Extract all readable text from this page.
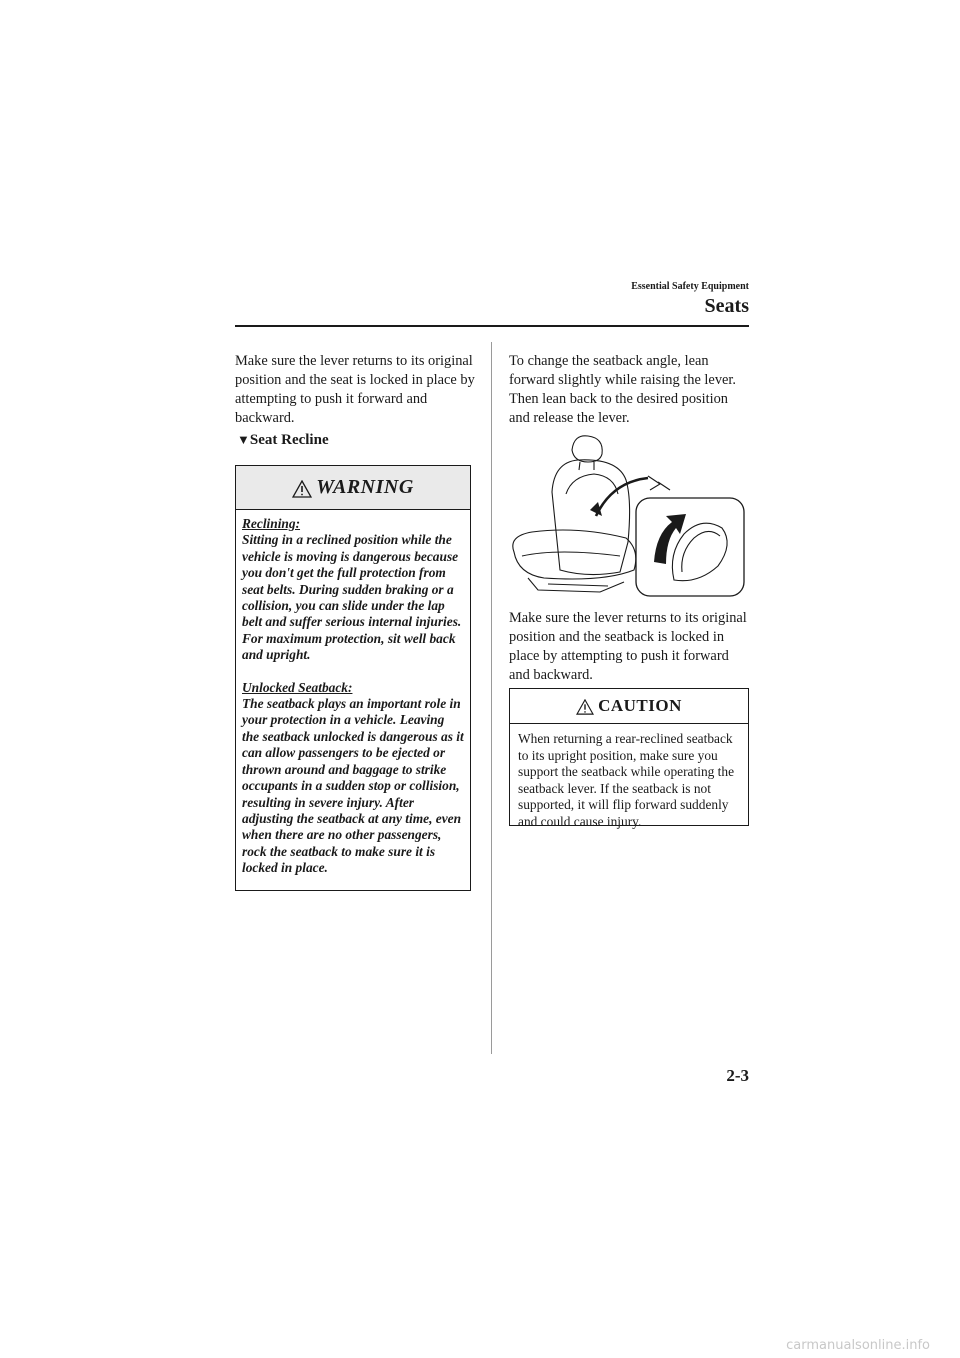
Essential Safety Equipment
Seats

Make sure the lever returns to its original position and the seat is locked in place by attempting to push it forward and backward.

▼Seat Recline
WARNING

Reclining:
Sitting in a reclined position while the vehicle is moving is dangerous because you don't get the full protection from seat belts. During sudden braking or a collision, you can slide under the lap belt and suffer serious internal injuries. For maximum protection, sit well back and upright.

Unlocked Seatback:
The seatback plays an important role in your protection in a vehicle. Leaving the seatback unlocked is dangerous as it can allow passengers to be ejected or thrown around and baggage to strike occupants in a sudden stop or collision, resulting in severe injury. After adjusting the seatback at any time, even when there are no other passengers, rock the seatback to make sure it is locked in place.

To change the seatback angle, lean forward slightly while raising the lever. Then lean back to the desired position and release the lever.

Make sure the lever returns to its original position and the seatback is locked in place by attempting to push it forward and backward.

CAUTION

When returning a rear-reclined seatback to its upright position, make sure you support the seatback while operating the seatback lever. If the seatback is not supported, it will flip forward suddenly and could cause injury.

2-3
carmanualsonline.info
